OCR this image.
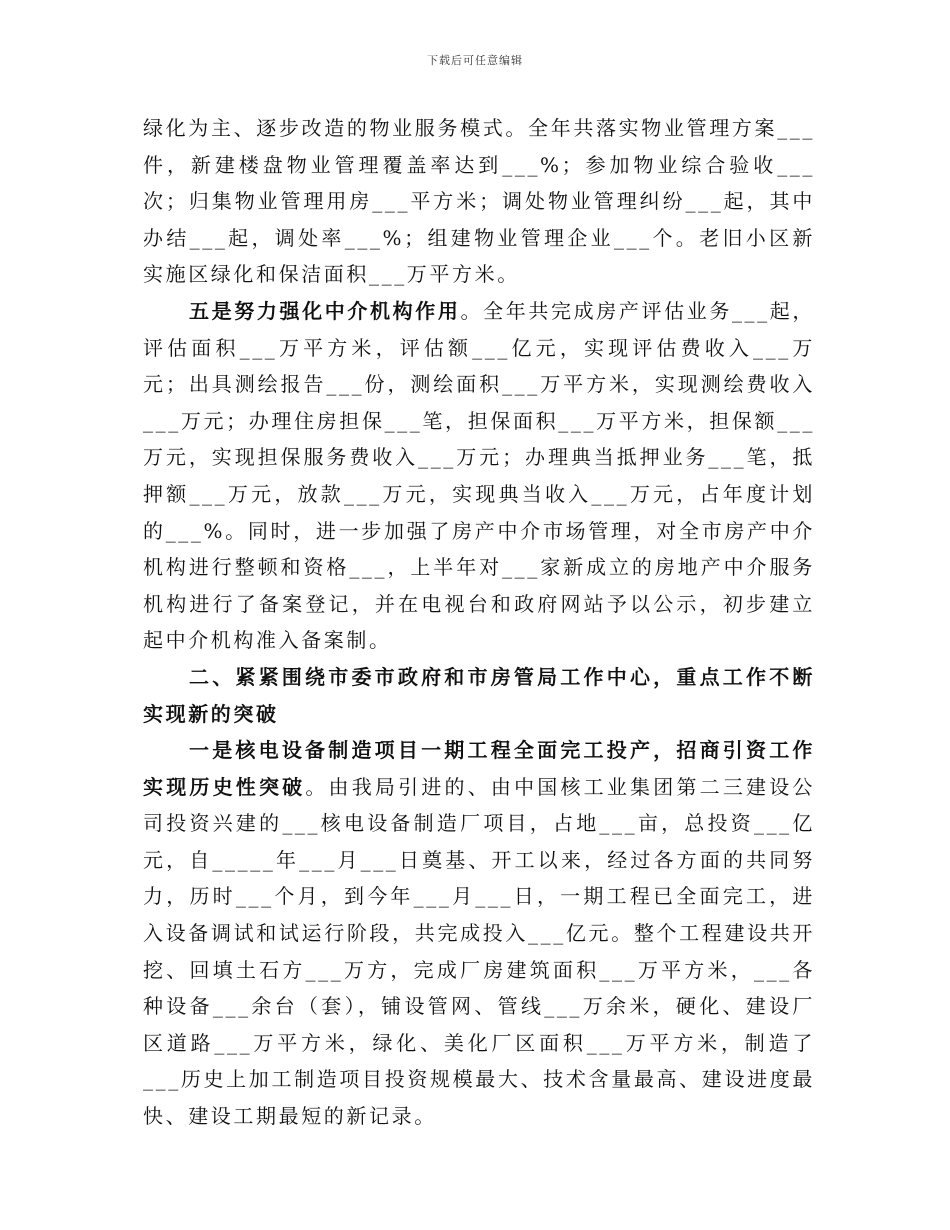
下载后可任意编辑

绿化为主、逐步改造的物业服务模式。全年共落实物业管理方案___件，新建楼盘物业管理覆盖率达到___%；参加物业综合验收___次；归集物业管理用房___平方米；调处物业管理纠纷___起，其中办结___起，调处率___%；组建物业管理企业___个。老旧小区新实施区绿化和保洁面积___万平方米。

五是努力强化中介机构作用。全年共完成房产评估业务___起，评估面积___万平方米，评估额___亿元，实现评估费收入___万元；出具测绘报告___份，测绘面积___万平方米，实现测绘费收入___万元；办理住房担保___笔，担保面积___万平方米，担保额___万元，实现担保服务费收入___万元；办理典当抵押业务___笔，抵押额___万元，放款___万元，实现典当收入___万元，占年度计划的___%。同时，进一步加强了房产中介市场管理，对全市房产中介机构进行整顿和资格___，上半年对___家新成立的房地产中介服务机构进行了备案登记，并在电视台和政府网站予以公示，初步建立起中介机构准入备案制。

二、紧紧围绕市委市政府和市房管局工作中心，重点工作不断实现新的突破

一是核电设备制造项目一期工程全面完工投产，招商引资工作实现历史性突破。由我局引进的、由中国核工业集团第二三建设公司投资兴建的___核电设备制造厂项目，占地___亩，总投资___亿元，自_____年___月___日奠基、开工以来，经过各方面的共同努力，历时___个月，到今年___月___日，一期工程已全面完工，进入设备调试和试运行阶段，共完成投入___亿元。整个工程建设共开挖、回填土石方___万方，完成厂房建筑面积___万平方米，___各种设备___余台（套），铺设管网、管线___万余米，硬化、建设厂区道路___万平方米，绿化、美化厂区面积___万平方米，制造了___历史上加工制造项目投资规模最大、技术含量最高、建设进度最快、建设工期最短的新记录。
